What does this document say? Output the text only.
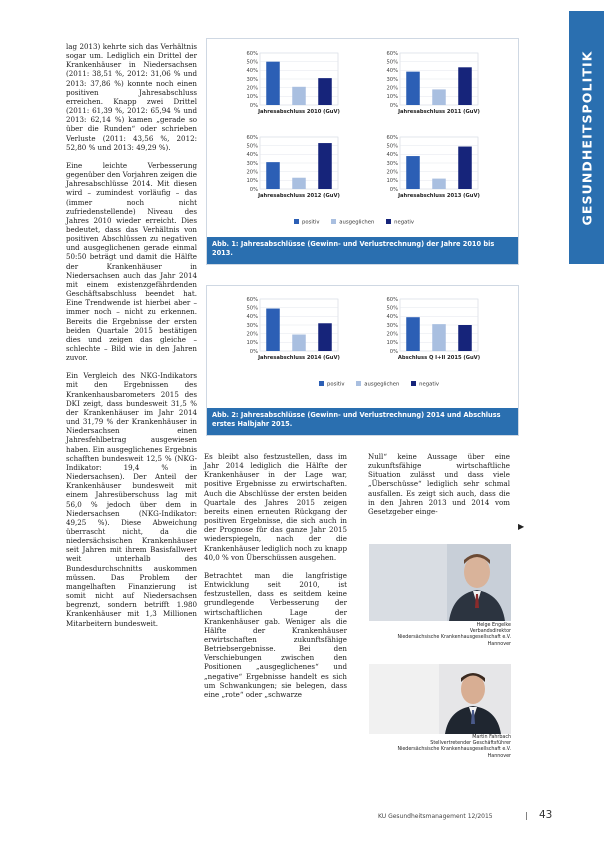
lag 2013) kehrte sich das Verhältnis sogar um. Lediglich ein Drittel der Krankenhäuser in Niedersachsen (2011: 38,51 %, 2012: 31,06 % und 2013: 37,86 %) konnte noch einen positiven Jahresabschluss erreichen. Knapp zwei Drittel (2011: 61,39 %, 2012: 65,94 % und 2013: 62,14 %) kamen „gerade so über die Runden“ oder schrieben Verluste (2011: 43,56 %, 2012: 52,80 % und 2013: 49,29 %).

Eine leichte Verbesserung gegenüber den Vorjahren zeigen die Jahresabschlüsse 2014. Mit diesen wird – zumindest vorläufig – das (immer noch nicht zufriedenstellende) Niveau des Jahres 2010 wieder erreicht. Dies bedeutet, dass das Verhältnis von positiven Abschlüssen zu negativen und ausgeglichenen gerade einmal 50:50 beträgt und damit die Hälfte der Krankenhäuser in Niedersachsen auch das Jahr 2014 mit einem existenzgefährdenden Geschäftsabschluss beendet hat. Eine Trendwende ist hierbei aber – immer noch – nicht zu erkennen. Bereits die Ergebnisse der ersten beiden Quartale 2015 bestätigen dies und zeigen das gleiche – schlechte – Bild wie in den Jahren zuvor.

Ein Vergleich des NKG-Indikators mit den Ergebnissen des Krankenhausbarometers 2015 des DKI zeigt, dass bundesweit 31,5 % der Krankenhäuser im Jahr 2014 und 31,79 % der Krankenhäuser in Niedersachsen einen Jahresfehlbetrag ausgewiesen haben. Ein ausgeglichenes Ergebnis schafften bundesweit 12,5 % (NKG-Indikator: 19,4 % in Niedersachsen). Der Anteil der Krankenhäuser bundesweit mit einem Jahresüberschuss lag mit 56,0 % jedoch über dem in Niedersachsen (NKG-Indikator: 49,25 %). Diese Abweichung überrascht nicht, da die niedersächsischen Krankenhäuser seit Jahren mit ihrem Basisfallwert weit unterhalb des Bundesdurchschnitts auskommen müssen. Das Problem der mangelhaften Finanzierung ist somit nicht auf Niedersachsen begrenzt, sondern betrifft 1.980 Krankenhäuser mit 1,3 Millionen Mitarbeitern bundesweit.

0%
10%
20%
30%
40%
50%
60%
Jahresabschluss 2010 (GuV)
0%
10%
20%
30%
40%
50%
60%
Jahresabschluss 2011 (GuV)
0%
10%
20%
30%
40%
50%
60%
Jahresabschluss 2012 (GuV)
0%
10%
20%
30%
40%
50%
60%
Jahresabschluss 2013 (GuV)
positiv	ausgeglichen	negativ
Abb. 1: Jahresabschlüsse (Gewinn- und Verlustrechnung) der Jahre 2010 bis 2013.
GESUNDHEITSPOLITIK
0%
10%
20%
30%
40%
50%
60%
Jahresabschluss 2014 (GuV)
0%
10%
20%
30%
40%
50%
60%
Abschluss Q I+II 2015 (GuV)
positiv	ausgeglichen	negativ
Abb. 2: Jahresabschlüsse (Gewinn- und Verlustrechnung) 2014 und Abschluss erstes Halbjahr 2015.

Es bleibt also festzustellen, dass im Jahr 2014 lediglich die Hälfte der Krankenhäuser in der Lage war, positive Ergebnisse zu erwirtschaften. Auch die Abschlüsse der ersten beiden Quartale des Jahres 2015 zeigen bereits einen erneuten Rückgang der positiven Ergebnisse, die sich auch in der Prognose für das ganze Jahr 2015 wiederspiegeln, nach der die Krankenhäuser lediglich noch zu knapp 40,0 % von Überschüssen ausgehen.

Betrachtet man die langfristige Entwicklung seit 2010, ist festzustellen, dass es seitdem keine grundlegende Verbesserung der wirtschaftlichen Lage der Krankenhäuser gab. Weniger als die Hälfte der Krankenhäuser erwirtschaften zukunftsfähige Betriebsergebnisse. Bei den Verschiebungen zwischen den Positionen „ausgeglichenes“ und „negative“ Ergebnisse handelt es sich um Schwankungen; sie belegen, dass eine „rote“ oder „schwarze

Null“ keine Aussage über eine zukunftsfähige wirtschaftliche Situation zulässt und dass viele „Überschüsse“ lediglich sehr schmal ausfallen. Es zeigt sich auch, dass die in den Jahren 2013 und 2014 vom Gesetzgeber einge-

▶
Helge Engelke
Verbandsdirektor
Niedersächsische Krankenhausgesellschaft e.V.
Hannover
Martin Fahrbach
Stellvertretender Geschäftsführer
Niedersächsische Krankenhausgesellschaft e.V.
Hannover
KU Gesundheitsmanagement 12/2015	| 43
